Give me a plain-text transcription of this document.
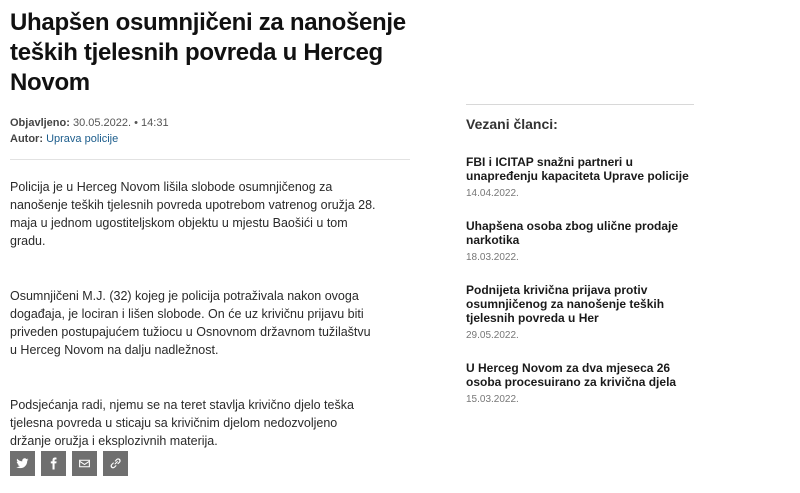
Uhapšen osumnjičeni za nanošenje teških tjelesnih povreda u Herceg Novom
Objavljeno: 30.05.2022. • 14:31
Autor: Uprava policije

Policija je u Herceg Novom lišila slobode osumnjičenog za nanošenje teških tjelesnih povreda upotrebom vatrenog oružja 28. maja u jednom ugostiteljskom objektu u mjestu Baošići u tom gradu.

Osumnjičeni M.J. (32) kojeg je policija potraživala nakon ovoga događaja, je lociran i lišen slobode. On će uz krivičnu prijavu biti priveden postupajućem tužiocu u Osnovnom državnom tužilaštvu u Herceg Novom na dalju nadležnost.

Podsjećanja radi, njemu se na teret stavlja krivično djelo teška tjelesna povreda u sticaju sa krivičnim djelom nedozvoljeno držanje oružja i eksplozivnih materija.

Vezani članci:
FBI i ICITAP snažni partneri u unapređenju kapaciteta Uprave policije
14.04.2022.
Uhapšena osoba zbog ulične prodaje narkotika
18.03.2022.
Podnijeta krivična prijava protiv osumnjičenog za nanošenje teških tjelesnih povreda u Her
29.05.2022.
U Herceg Novom za dva mjeseca 26 osoba procesuirano za krivična djela
15.03.2022.
